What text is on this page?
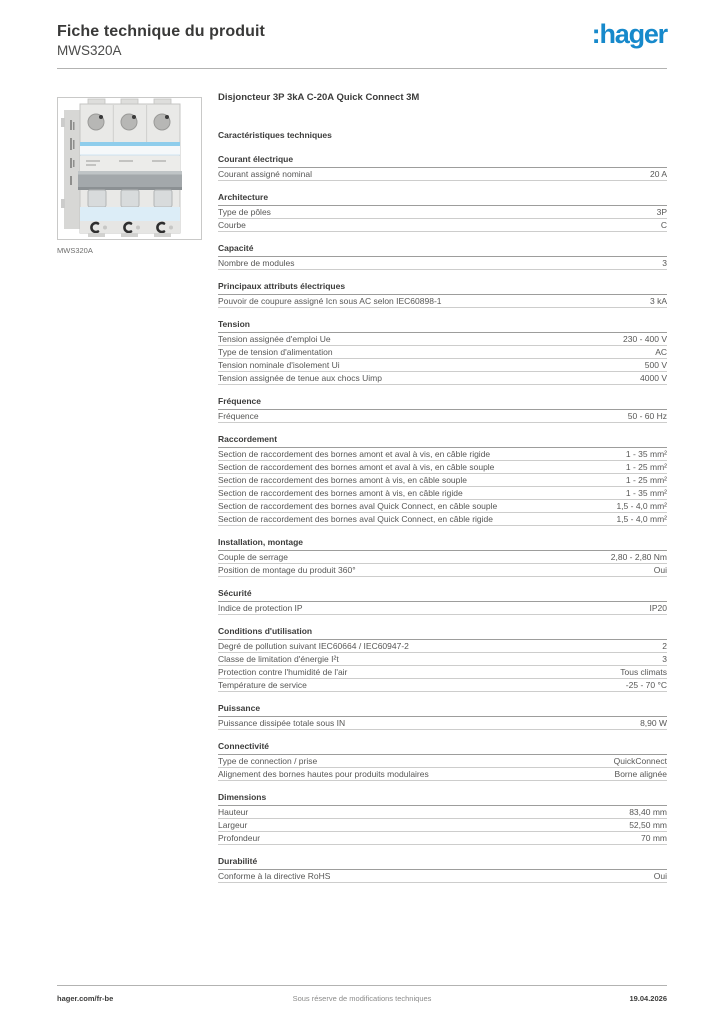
Fiche technique du produit
MWS320A
:hager
MWS320A
Disjoncteur 3P 3kA C-20A Quick Connect 3M
Caractéristiques techniques
Courant électrique
Courant assigné nominal	20 A
Architecture
Type de pôles	3P
Courbe	C
Capacité
Nombre de modules	3
Principaux attributs électriques
Pouvoir de coupure assigné Icn sous AC selon IEC60898-1	3 kA
Tension
Tension assignée d'emploi Ue	230 - 400 V
Type de tension d'alimentation	AC
Tension nominale d'isolement Ui	500 V
Tension assignée de tenue aux chocs Uimp	4000 V
Fréquence
Fréquence	50 - 60 Hz
Raccordement
Section de raccordement des bornes amont et aval à vis, en câble rigide	1 - 35 mm²
Section de raccordement des bornes amont et aval à vis, en câble souple	1 - 25 mm²
Section de raccordement des bornes amont à vis, en câble souple	1 - 25 mm²
Section de raccordement des bornes amont à vis, en câble rigide	1 - 35 mm²
Section de raccordement des bornes aval Quick Connect, en câble souple	1,5 - 4,0 mm²
Section de raccordement des bornes aval Quick Connect, en câble rigide	1,5 - 4,0 mm²
Installation, montage
Couple de serrage	2,80 - 2,80 Nm
Position de montage du produit 360°	Oui
Sécurité
Indice de protection IP	IP20
Conditions d'utilisation
Degré de pollution suivant IEC60664 / IEC60947-2	2
Classe de limitation d'énergie I²t	3
Protection contre l'humidité de l'air	Tous climats
Température de service	-25 - 70 °C
Puissance
Puissance dissipée totale sous IN	8,90 W
Connectivité
Type de connection / prise	QuickConnect
Alignement des bornes hautes pour produits modulaires	Borne alignée
Dimensions
Hauteur	83,40 mm
Largeur	52,50 mm
Profondeur	70 mm
Durabilité
Conforme à la directive RoHS	Oui
hager.com/fr-be	Sous réserve de modifications techniques	19.04.2026
